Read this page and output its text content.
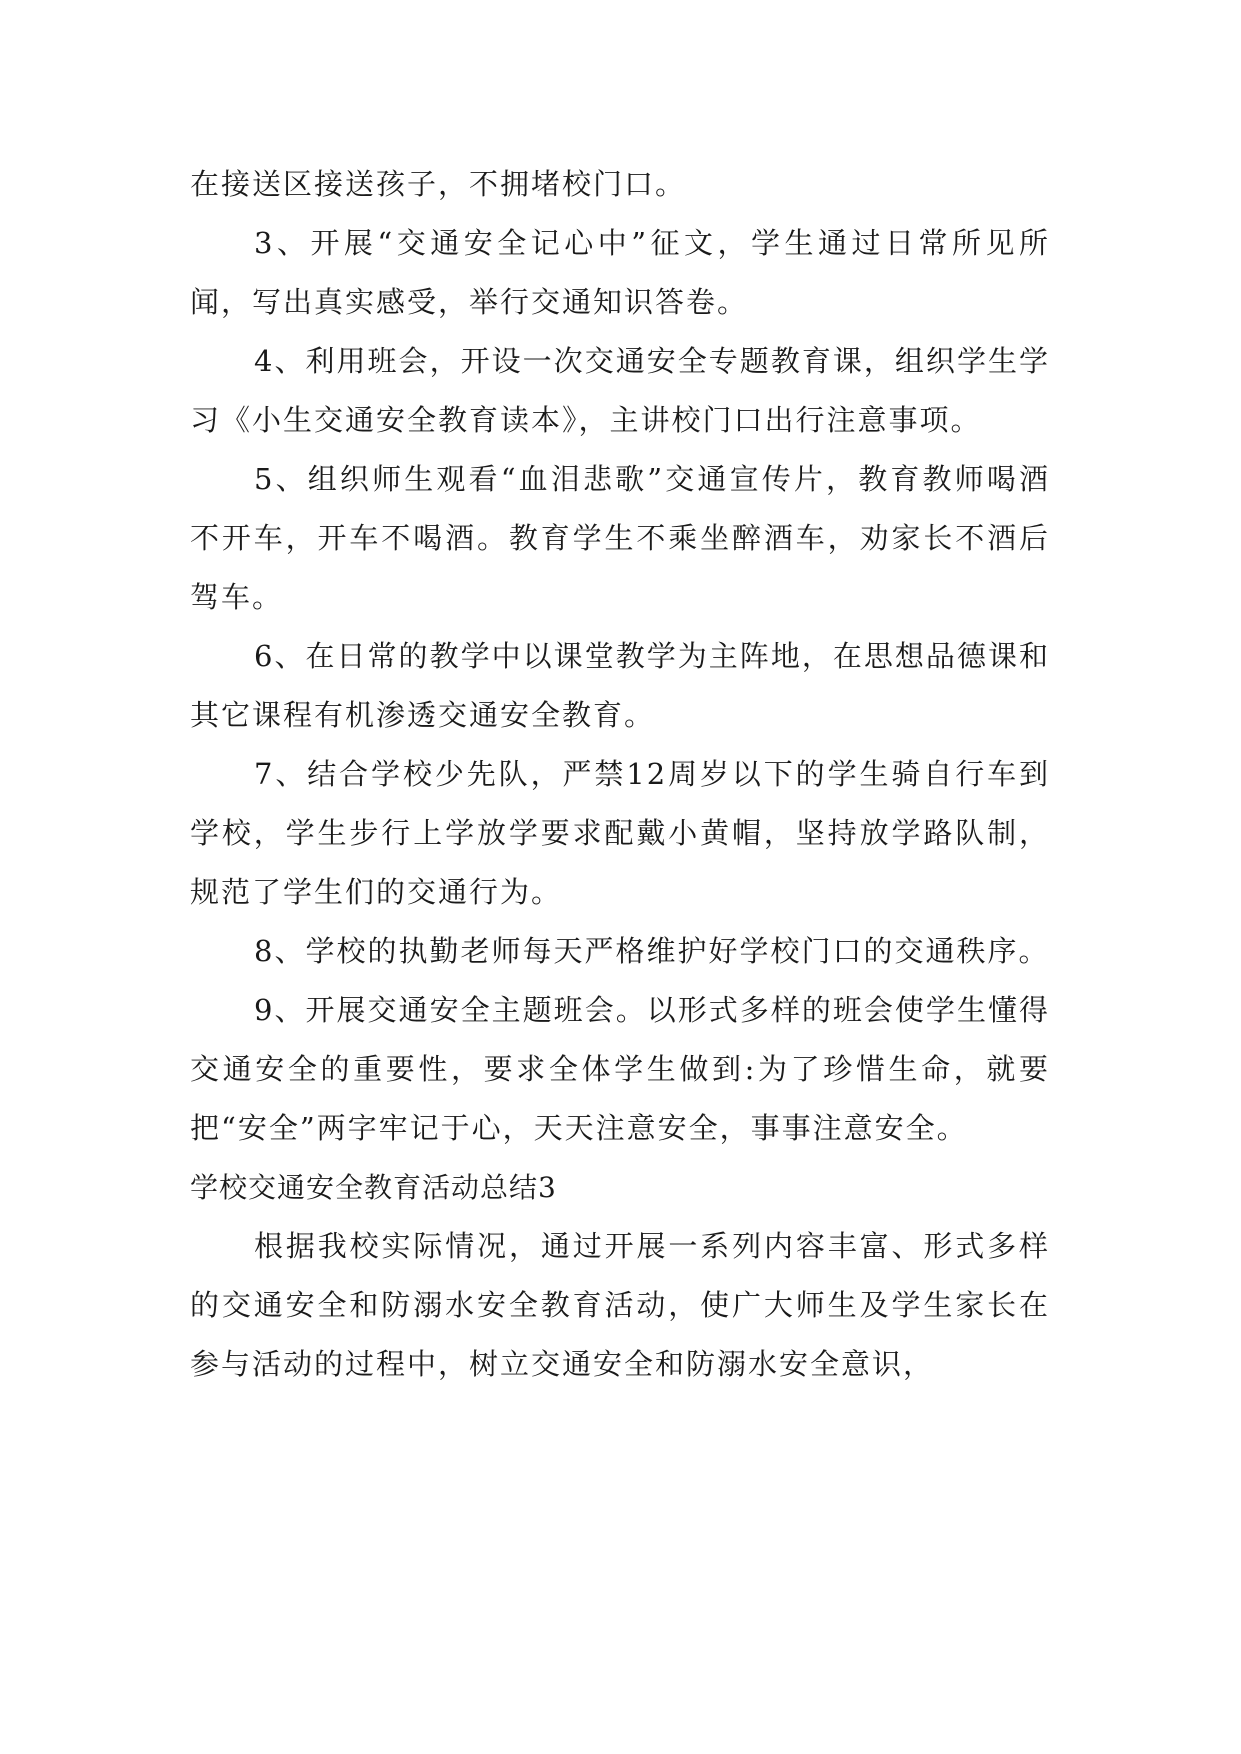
在接送区接送孩子，不拥堵校门口。

3、开展“交通安全记心中”征文，学生通过日常所见所闻，写出真实感受，举行交通知识答卷。

4、利用班会，开设一次交通安全专题教育课，组织学生学习《小生交通安全教育读本》，主讲校门口出行注意事项。

5、组织师生观看“血泪悲歌”交通宣传片，教育教师喝酒不开车，开车不喝酒。教育学生不乘坐醉酒车，劝家长不酒后驾车。

6、在日常的教学中以课堂教学为主阵地，在思想品德课和其它课程有机渗透交通安全教育。

7、结合学校少先队，严禁12周岁以下的学生骑自行车到学校，学生步行上学放学要求配戴小黄帽，坚持放学路队制，规范了学生们的交通行为。

8、学校的执勤老师每天严格维护好学校门口的交通秩序。

9、开展交通安全主题班会。以形式多样的班会使学生懂得交通安全的重要性，要求全体学生做到:为了珍惜生命，就要把“安全”两字牢记于心，天天注意安全，事事注意安全。

学校交通安全教育活动总结3

根据我校实际情况，通过开展一系列内容丰富、形式多样的交通安全和防溺水安全教育活动，使广大师生及学生家长在参与活动的过程中，树立交通安全和防溺水安全意识，
